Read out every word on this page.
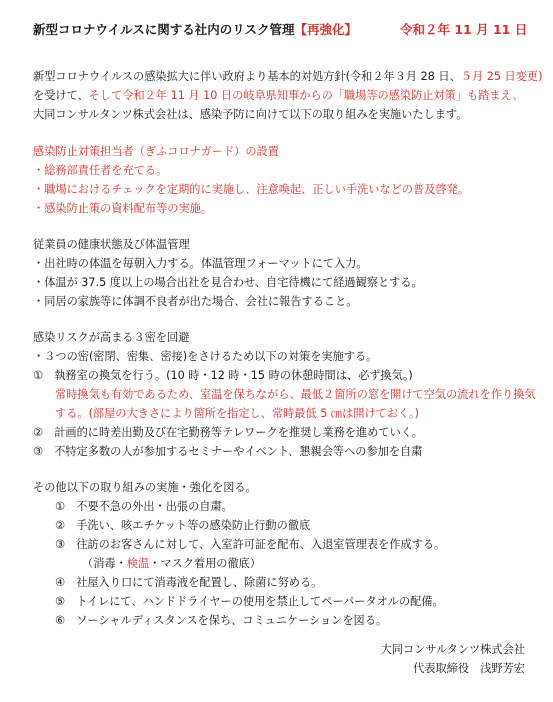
新型コロナウイルスに関する社内のリスク管理【再強化】	令和２年 11 月 11 日
新型コロナウイルスの感染拡大に伴い政府より基本的対処方針(令和２年３月 28 日、５月 25 日変更)
を受けて、そして令和２年 11 月 10 日の岐阜県知事からの「職場等の感染防止対策」も踏まえ、
大同コンサルタンツ株式会社は、感染予防に向けて以下の取り組みを実施いたします。
感染防止対策担当者（ぎふコロナガード）の設置
・総務部責任者を充てる。
・職場におけるチェックを定期的に実施し、注意喚起、正しい手洗いなどの普及啓発。
・感染防止策の資料配布等の実施。
従業員の健康状態及び体温管理
・出社時の体温を毎朝入力する。体温管理フォーマットにて入力。
・体温が 37.5 度以上の場合出社を見合わせ、自宅待機にて経過観察とする。
・同居の家族等に体調不良者が出た場合、会社に報告すること。
感染リスクが高まる３密を回避
・３つの密(密閉、密集、密接)をさけるため以下の対策を実施する。
①　執務室の換気を行う。(10 時・12 時・15 時の休憩時間は、必ず換気。)
常時換気も有効であるため、室温を保ちながら、最低２箇所の窓を開けて空気の流れを作り換気
する。(部屋の大きさにより箇所を指定し、常時最低 5 ㎝は開けておく。)
②　計画的に時差出勤及び在宅勤務等テレワークを推奨し業務を進めていく。
③　不特定多数の人が参加するセミナーやイベント、懇親会等への参加を自粛
その他以下の取り組みの実施・強化を図る。
①　不要不急の外出・出張の自粛。
②　手洗い、咳エチケット等の感染防止行動の徹底
③　往訪のお客さんに対して、入室許可証を配布、入退室管理表を作成する。
（消毒・検温・マスク着用の徹底）
④　社屋入り口にて消毒液を配置し、除菌に努める。
⑤　トイレにて、ハンドドライヤーの使用を禁止してペーパータオルの配備。
⑥　ソーシャルディスタンスを保ち、コミュニケーションを図る。
大同コンサルタンツ株式会社
代表取締役　浅野芳宏
